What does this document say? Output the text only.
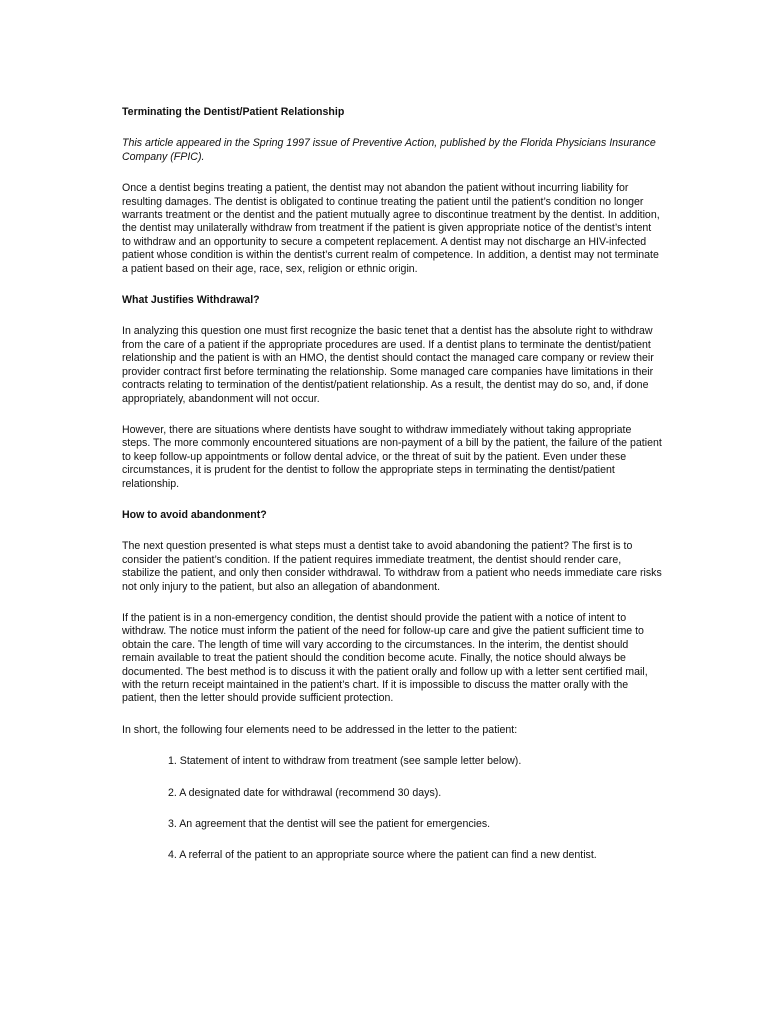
Terminating the Dentist/Patient Relationship

This article appeared in the Spring 1997 issue of Preventive Action, published by the Florida Physicians Insurance Company (FPIC).

Once a dentist begins treating a patient, the dentist may not abandon the patient without incurring liability for resulting damages. The dentist is obligated to continue treating the patient until the patient’s condition no longer warrants treatment or the dentist and the patient mutually agree to discontinue treatment by the dentist. In addition, the dentist may unilaterally withdraw from treatment if the patient is given appropriate notice of the dentist’s intent to withdraw and an opportunity to secure a competent replacement. A dentist may not discharge an HIV-infected patient whose condition is within the dentist’s current realm of competence. In addition, a dentist may not terminate a patient based on their age, race, sex, religion or ethnic origin.

What Justifies Withdrawal?

In analyzing this question one must first recognize the basic tenet that a dentist has the absolute right to withdraw from the care of a patient if the appropriate procedures are used. If a dentist plans to terminate the dentist/patient relationship and the patient is with an HMO, the dentist should contact the managed care company or review their provider contract first before terminating the relationship. Some managed care companies have limitations in their contracts relating to termination of the dentist/patient relationship. As a result, the dentist may do so, and, if done appropriately, abandonment will not occur.

However, there are situations where dentists have sought to withdraw immediately without taking appropriate steps. The more commonly encountered situations are non-payment of a bill by the patient, the failure of the patient to keep follow-up appointments or follow dental advice, or the threat of suit by the patient. Even under these circumstances, it is prudent for the dentist to follow the appropriate steps in terminating the dentist/patient relationship.

How to avoid abandonment?

The next question presented is what steps must a dentist take to avoid abandoning the patient? The first is to consider the patient’s condition. If the patient requires immediate treatment, the dentist should render care, stabilize the patient, and only then consider withdrawal. To withdraw from a patient who needs immediate care risks not only injury to the patient, but also an allegation of abandonment.

If the patient is in a non-emergency condition, the dentist should provide the patient with a notice of intent to withdraw. The notice must inform the patient of the need for follow-up care and give the patient sufficient time to obtain the care. The length of time will vary according to the circumstances. In the interim, the dentist should remain available to treat the patient should the condition become acute. Finally, the notice should always be documented. The best method is to discuss it with the patient orally and follow up with a letter sent certified mail, with the return receipt maintained in the patient’s chart. If it is impossible to discuss the matter orally with the patient, then the letter should provide sufficient protection.

In short, the following four elements need to be addressed in the letter to the patient:

1. Statement of intent to withdraw from treatment (see sample letter below).
2. A designated date for withdrawal (recommend 30 days).
3. An agreement that the dentist will see the patient for emergencies.
4. A referral of the patient to an appropriate source where the patient can find a new dentist.
